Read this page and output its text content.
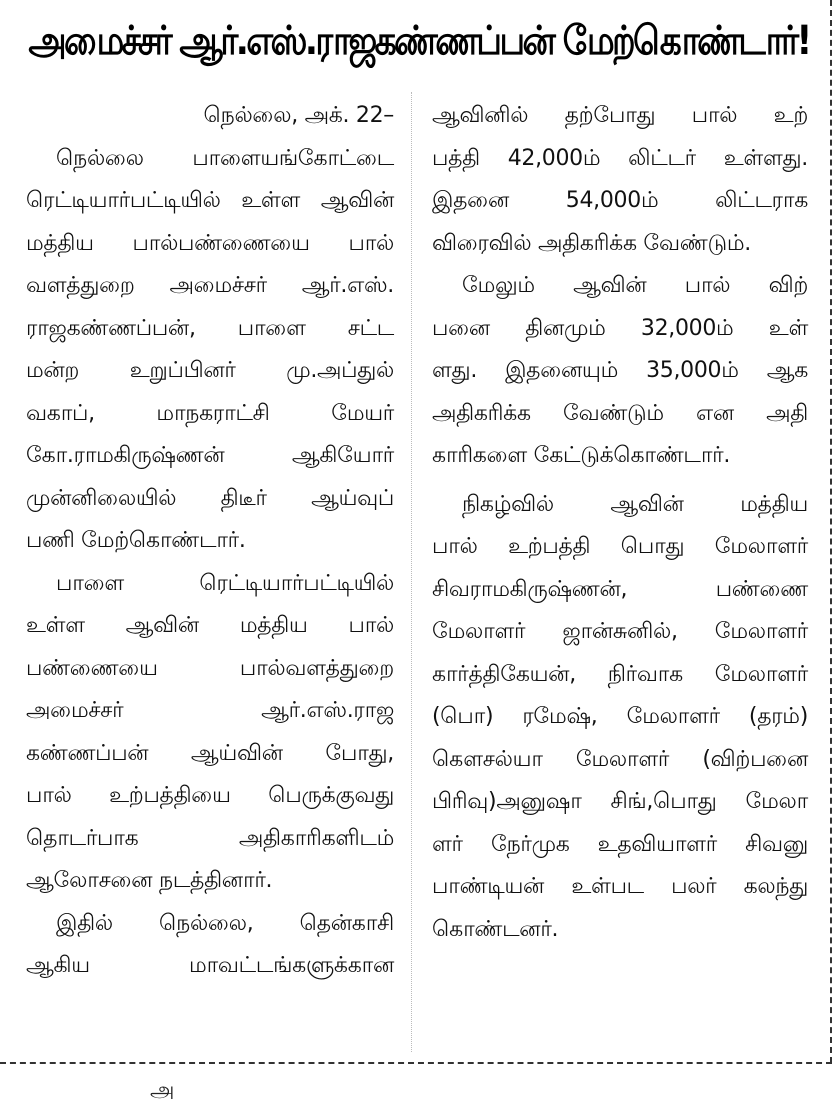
அமைச்சர் ஆர்.எஸ்.ராஜகண்ணப்பன் மேற்கொண்டார்!
நெல்லை, அக். 22–
நெல்லை பாளையங்கோட்டை
ரெட்டியார்பட்டியில் உள்ள ஆவின்
மத்திய பால்பண்ணையை பால்
வளத்துறை அமைச்சர் ஆர்.எஸ்.
ராஜகண்ணப்பன், பாளை சட்ட
மன்ற உறுப்பினர் மு.அப்துல்
வகாப், மாநகராட்சி மேயர்
கோ.ராமகிருஷ்ணன் ஆகியோர்
முன்னிலையில் திடீர் ஆய்வுப்
பணி மேற்கொண்டார்.
பாளை ரெட்டியார்பட்டியில்
உள்ள ஆவின் மத்திய பால்
பண்ணையை பால்வளத்துறை
அமைச்சர் ஆர்.எஸ்.ராஜ
கண்ணப்பன் ஆய்வின் போது,
பால் உற்பத்தியை பெருக்குவது
தொடர்பாக அதிகாரிகளிடம்
ஆலோசனை நடத்தினார்.
இதில் நெல்லை, தென்காசி
ஆகிய மாவட்டங்களுக்கான
ஆவினில் தற்போது பால் உற்
பத்தி 42,000ம் லிட்டர் உள்ளது.
இதனை 54,000ம் லிட்டராக
விரைவில் அதிகரிக்க வேண்டும்.
மேலும் ஆவின் பால் விற்
பனை தினமும் 32,000ம் உள்
ளது. இதனையும் 35,000ம் ஆக
அதிகரிக்க வேண்டும் என அதி
காரிகளை கேட்டுக்கொண்டார்.
நிகழ்வில் ஆவின் மத்திய
பால் உற்பத்தி பொது மேலாளர்
சிவராமகிருஷ்ணன், பண்ணை
மேலாளர் ஜான்சுனில், மேலாளர்
கார்த்திகேயன், நிர்வாக மேலாளர்
(பொ) ரமேஷ், மேலாளர் (தரம்)
கௌசல்யா மேலாளர் (விற்பனை
பிரிவு)அனுஷா சிங்,பொது மேலா
ளர் நேர்முக உதவியாளர் சிவனு
பாண்டியன் உள்பட பலர் கலந்து
கொண்டனர்.
அ
